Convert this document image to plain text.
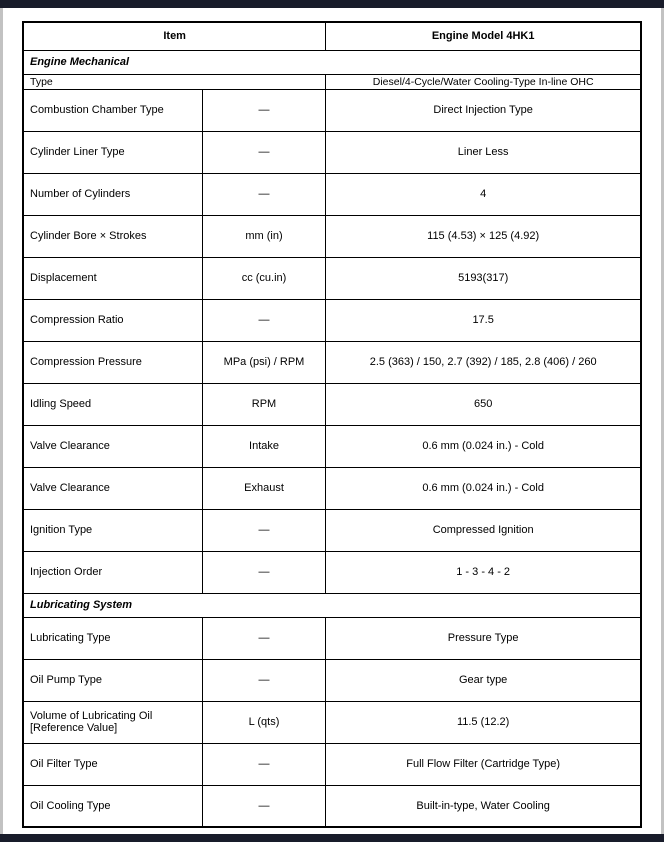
Item		Engine Model 4HK1
Engine Mechanical		
Type		Diesel/4-Cycle/Water Cooling-Type In-line OHC
Combustion Chamber Type	—	Direct Injection Type
Cylinder Liner Type	—	Liner Less
Number of Cylinders	—	4
Cylinder Bore × Strokes	mm (in)	115 (4.53) × 125 (4.92)
Displacement	cc (cu.in)	5193(317)
Compression Ratio	—	17.5
Compression Pressure	MPa (psi) / RPM	2.5 (363) / 150, 2.7 (392) / 185, 2.8 (406) / 260
Idling Speed	RPM	650
Valve Clearance	Intake	0.6 mm (0.024 in.) - Cold
Valve Clearance	Exhaust	0.6 mm (0.024 in.) - Cold
Ignition Type	—	Compressed Ignition
Injection Order	—	1 - 3 - 4 - 2
Lubricating System		
Lubricating Type	—	Pressure Type
Oil Pump Type	—	Gear type
Volume of Lubricating Oil [Reference Value]	L (qts)	11.5 (12.2)
Oil Filter Type	—	Full Flow Filter (Cartridge Type)
Oil Cooling Type	—	Built-in-type, Water Cooling
